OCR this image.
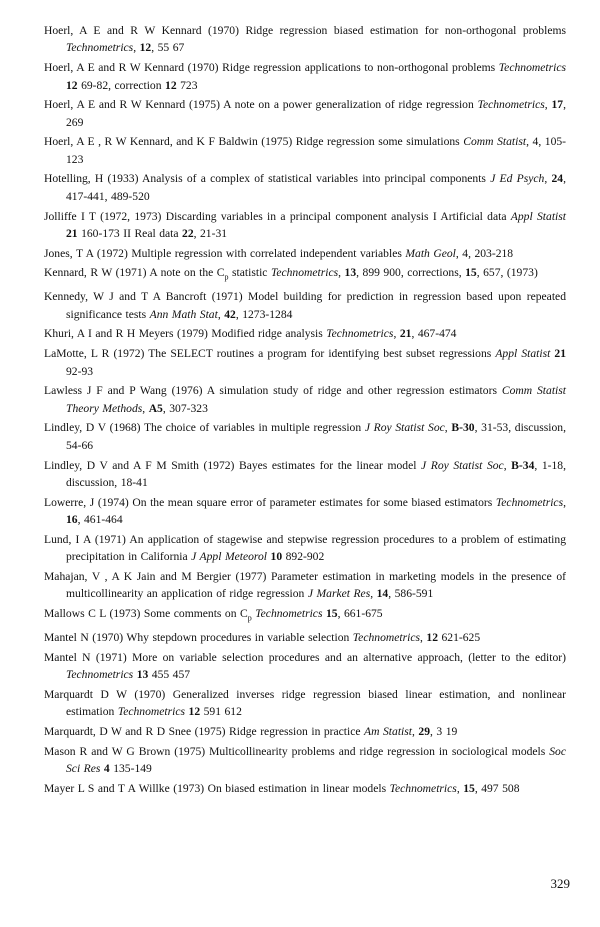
Hoerl, A E and R W Kennard (1970) Ridge regression biased estimation for non-orthogonal problems Technometrics, 12, 55 67

Hoerl, A E and R W Kennard (1970) Ridge regression applications to non-orthogonal problems Technometrics 12 69-82, correction 12 723

Hoerl, A E and R W Kennard (1975) A note on a power generalization of ridge regression Technometrics, 17, 269

Hoerl, A E , R W Kennard, and K F Baldwin (1975) Ridge regression some simulations Comm Statist, 4, 105-123

Hotelling, H (1933) Analysis of a complex of statistical variables into principal components J Ed Psych, 24, 417-441, 489-520

Jolliffe I T (1972, 1973) Discarding variables in a principal component analysis I Artificial data Appl Statist 21 160-173 II Real data 22, 21-31

Jones, T A (1972) Multiple regression with correlated independent variables Math Geol, 4, 203-218

Kennard, R W (1971) A note on the $C_p$ statistic Technometrics, 13, 899 900, corrections, 15, 657, (1973)

Kennedy, W J and T A Bancroft (1971) Model building for prediction in regression based upon repeated significance tests Ann Math Stat, 42, 1273-1284

Khuri, A I and R H Meyers (1979) Modified ridge analysis Technometrics, 21, 467-474

LaMotte, L R (1972) The SELECT routines a program for identifying best subset regressions Appl Statist 21 92-93

Lawless J F and P Wang (1976) A simulation study of ridge and other regression estimators Comm Statist Theory Methods, A5, 307-323

Lindley, D V (1968) The choice of variables in multiple regression J Roy Statist Soc, B-30, 31-53, discussion, 54-66

Lindley, D V and A F M Smith (1972) Bayes estimates for the linear model J Roy Statist Soc, B-34, 1-18, discussion, 18-41

Lowerre, J (1974) On the mean square error of parameter estimates for some biased estimators Technometrics, 16, 461-464

Lund, I A (1971) An application of stagewise and stepwise regression procedures to a problem of estimating precipitation in California J Appl Meteorol 10 892-902

Mahajan, V , A K Jain and M Bergier (1977) Parameter estimation in marketing models in the presence of multicollinearity an application of ridge regression J Market Res, 14, 586-591

Mallows C L (1973) Some comments on $C_p$ Technometrics 15, 661-675

Mantel N (1970) Why stepdown procedures in variable selection Technometrics, 12 621-625

Mantel N (1971) More on variable selection procedures and an alternative approach, (letter to the editor) Technometrics 13 455 457

Marquardt D W (1970) Generalized inverses ridge regression biased linear estimation, and nonlinear estimation Technometrics 12 591 612

Marquardt, D W and R D Snee (1975) Ridge regression in practice Am Statist, 29, 3 19

Mason R and W G Brown (1975) Multicollinearity problems and ridge regression in sociological models Soc Sci Res 4 135-149

Mayer L S and T A Willke (1973) On biased estimation in linear models Technometrics, 15, 497 508

329
